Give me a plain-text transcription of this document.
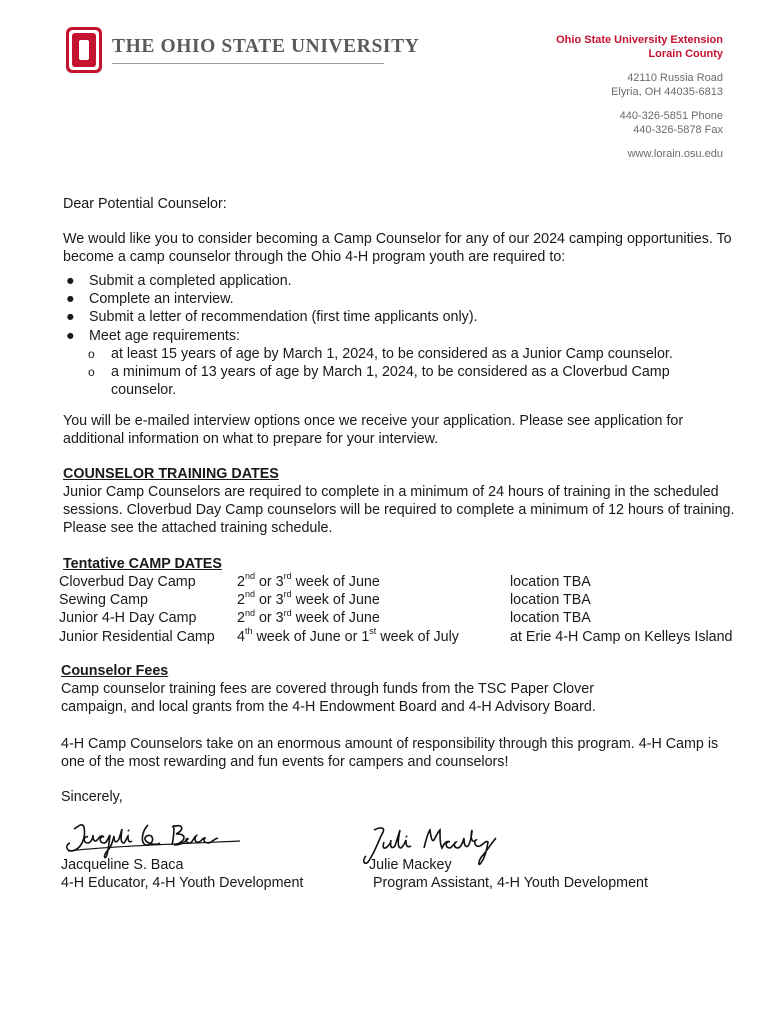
THE OHIO STATE UNIVERSITY	Ohio State University Extension
Lorain County
42110 Russia Road
Elyria, OH 44035-6813
440-326-5851 Phone
440-326-5878 Fax
www.lorain.osu.edu

Dear Potential Counselor:

We would like you to consider becoming a Camp Counselor for any of our 2024 camping opportunities. To become a camp counselor through the Ohio 4-H program youth are required to:

● Submit a completed application.
● Complete an interview.
● Submit a letter of recommendation (first time applicants only).
● Meet age requirements:
o at least 15 years of age by March 1, 2024, to be considered as a Junior Camp counselor.
o a minimum of 13 years of age by March 1, 2024, to be considered as a Cloverbud Camp counselor.

You will be e-mailed interview options once we receive your application. Please see application for additional information on what to prepare for your interview.

COUNSELOR TRAINING DATES

Junior Camp Counselors are required to complete in a minimum of 24 hours of training in the scheduled sessions. Cloverbud Day Camp counselors will be required to complete a minimum of 12 hours of training. Please see the attached training schedule.

Tentative CAMP DATES

Cloverbud Day Camp	2nd or 3rd week of June	location TBA
Sewing Camp	2nd or 3rd week of June	location TBA
Junior 4-H Day Camp	2nd or 3rd week of June	location TBA
Junior Residential Camp	4th week of June or 1st week of July	at Erie 4-H Camp on Kelleys Island

Counselor Fees

Camp counselor training fees are covered through funds from the TSC Paper Clover campaign, and local grants from the 4-H Endowment Board and 4-H Advisory Board.

4-H Camp Counselors take on an enormous amount of responsibility through this program. 4-H Camp is one of the most rewarding and fun events for campers and counselors!

Sincerely,

Jacqueline S. Baca

4-H Educator, 4-H Youth Development

Julie Mackey

Program Assistant, 4-H Youth Development
